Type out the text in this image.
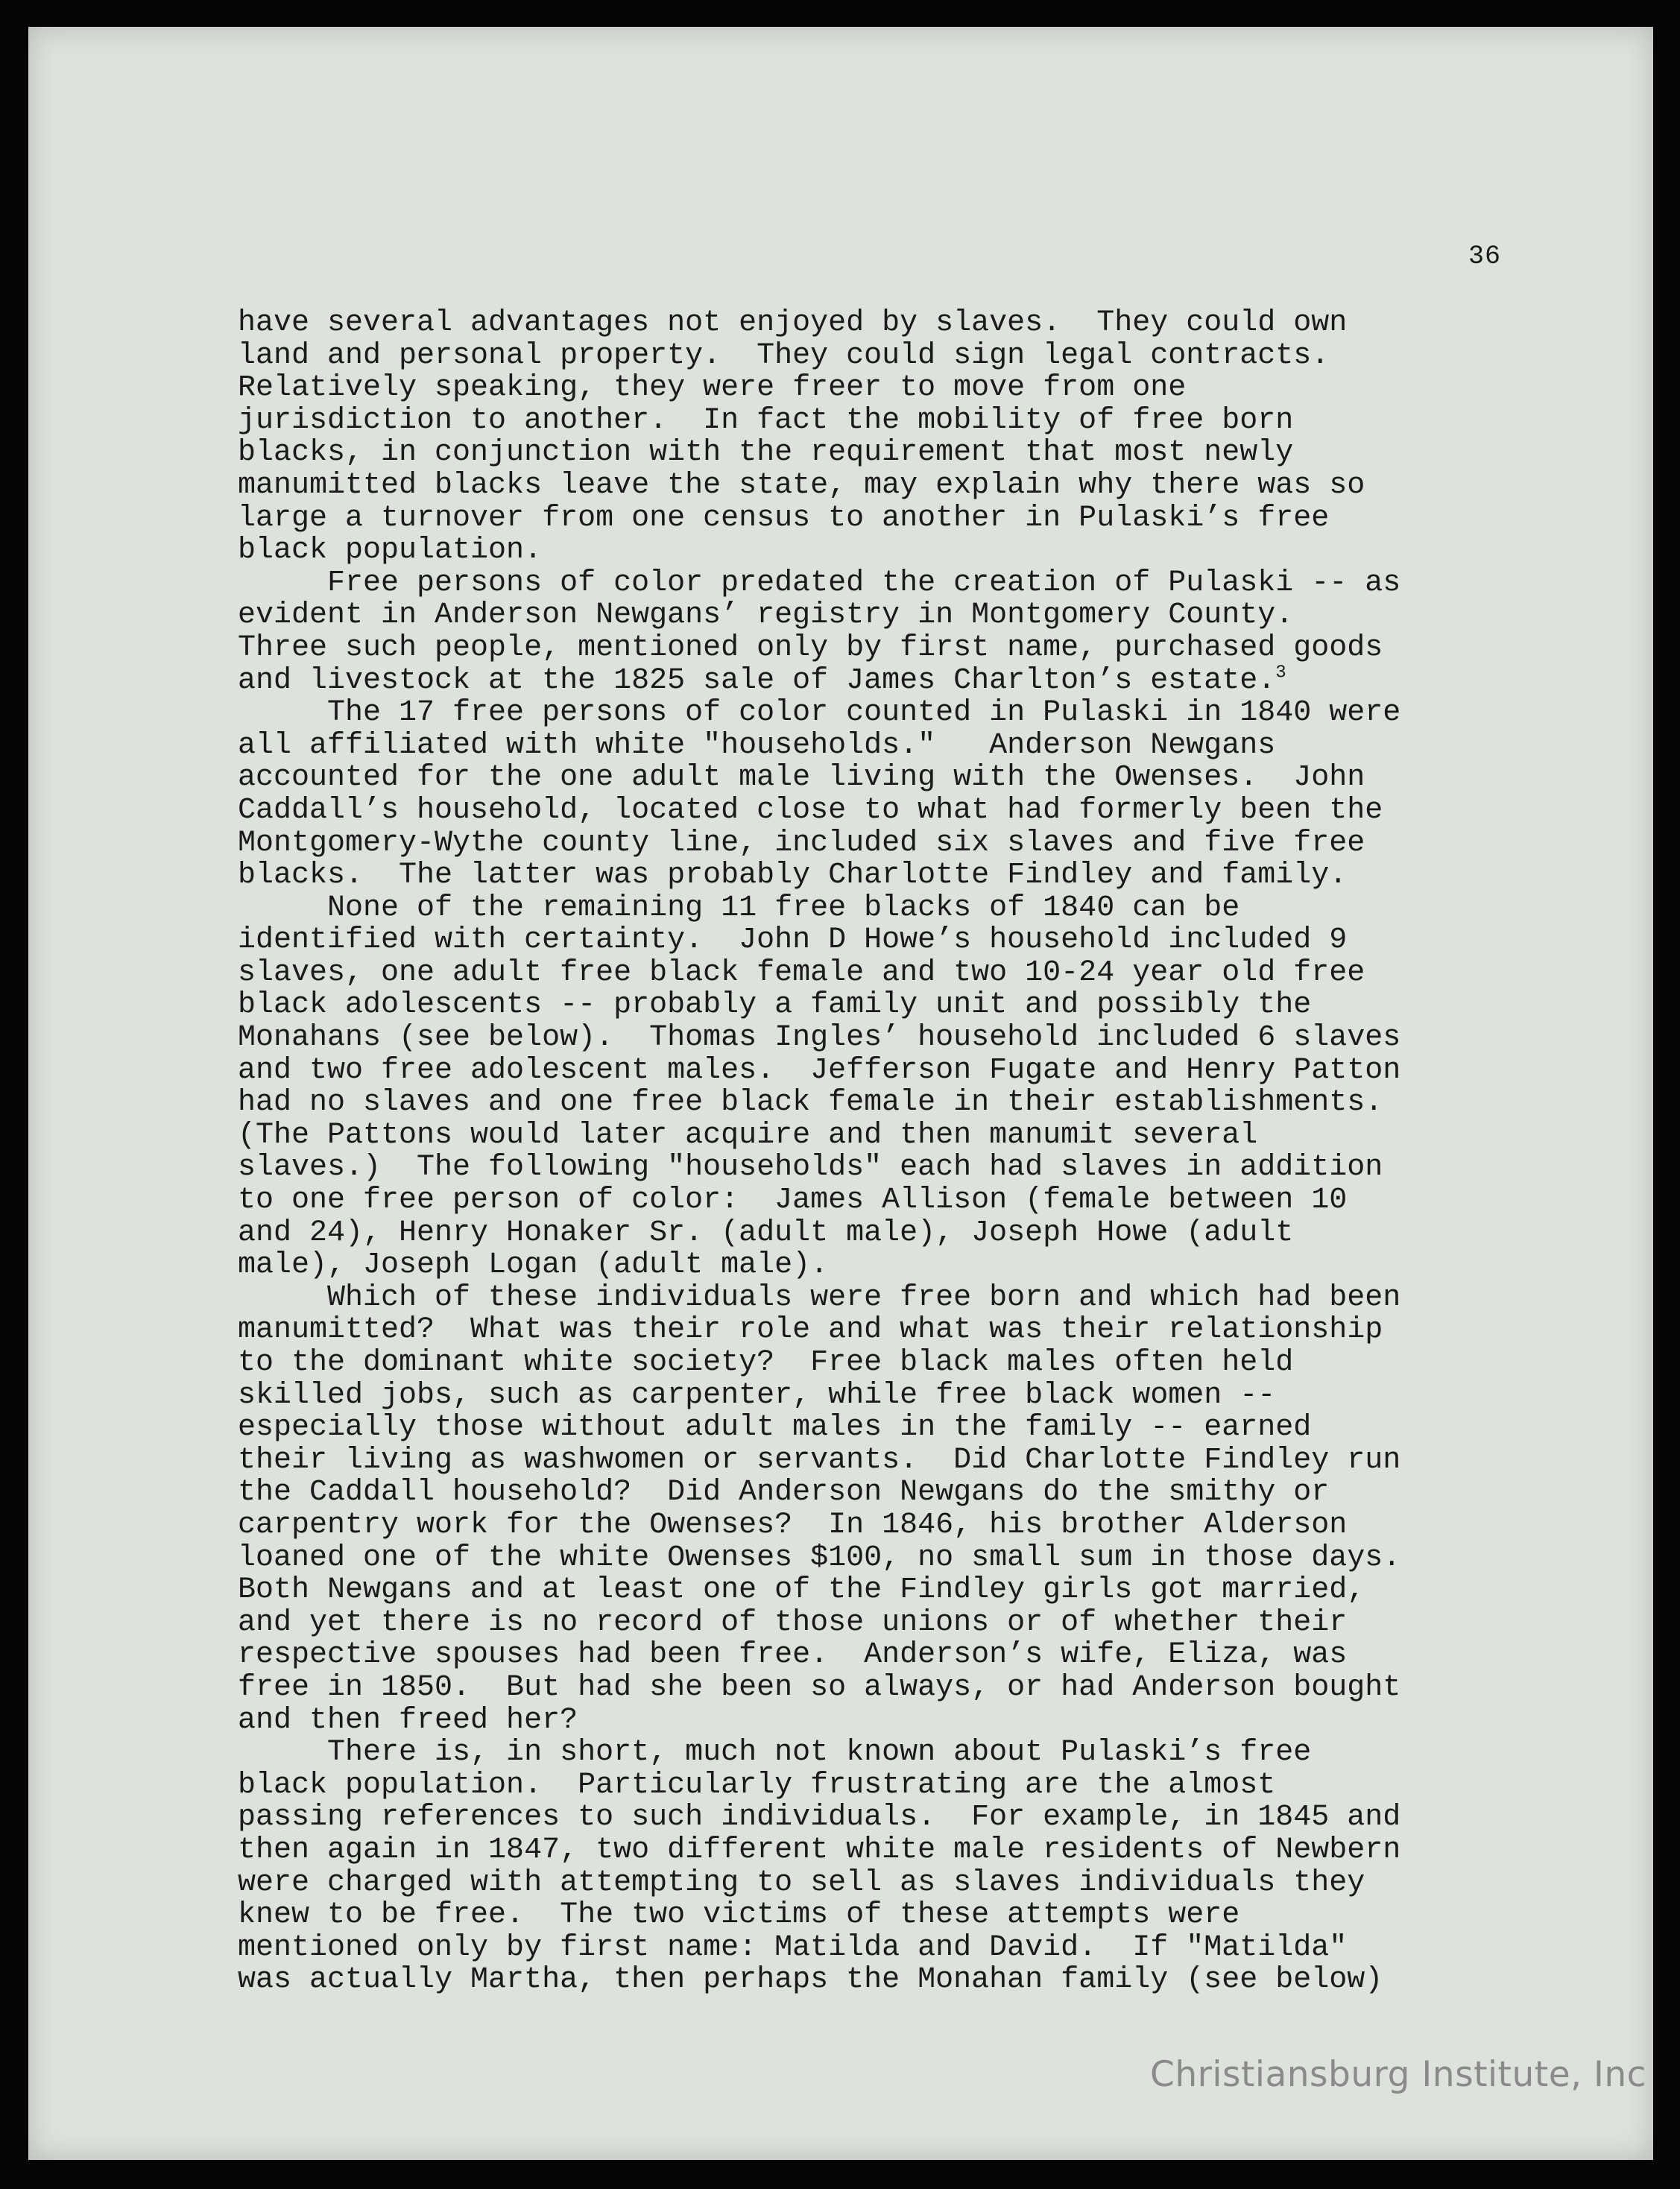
36
have several advantages not enjoyed by slaves.  They could own
land and personal property.  They could sign legal contracts.
Relatively speaking, they were freer to move from one
jurisdiction to another.  In fact the mobility of free born
blacks, in conjunction with the requirement that most newly
manumitted blacks leave the state, may explain why there was so
large a turnover from one census to another in Pulaski’s free
black population.
Free persons of color predated the creation of Pulaski -- as
evident in Anderson Newgans’ registry in Montgomery County.
Three such people, mentioned only by first name, purchased goods
and livestock at the 1825 sale of James Charlton’s estate.$^3$
The 17 free persons of color counted in Pulaski in 1840 were
all affiliated with white "households."   Anderson Newgans
accounted for the one adult male living with the Owenses.  John
Caddall’s household, located close to what had formerly been the
Montgomery-Wythe county line, included six slaves and five free
blacks.  The latter was probably Charlotte Findley and family.
None of the remaining 11 free blacks of 1840 can be
identified with certainty.  John D Howe’s household included 9
slaves, one adult free black female and two 10-24 year old free
black adolescents -- probably a family unit and possibly the
Monahans (see below).  Thomas Ingles’ household included 6 slaves
and two free adolescent males.  Jefferson Fugate and Henry Patton
had no slaves and one free black female in their establishments.
(The Pattons would later acquire and then manumit several
slaves.)  The following "households" each had slaves in addition
to one free person of color:  James Allison (female between 10
and 24), Henry Honaker Sr. (adult male), Joseph Howe (adult
male), Joseph Logan (adult male).
Which of these individuals were free born and which had been
manumitted?  What was their role and what was their relationship
to the dominant white society?  Free black males often held
skilled jobs, such as carpenter, while free black women --
especially those without adult males in the family -- earned
their living as washwomen or servants.  Did Charlotte Findley run
the Caddall household?  Did Anderson Newgans do the smithy or
carpentry work for the Owenses?  In 1846, his brother Alderson
loaned one of the white Owenses $100, no small sum in those days.
Both Newgans and at least one of the Findley girls got married,
and yet there is no record of those unions or of whether their
respective spouses had been free.  Anderson’s wife, Eliza, was
free in 1850.  But had she been so always, or had Anderson bought
and then freed her?
There is, in short, much not known about Pulaski’s free
black population.  Particularly frustrating are the almost
passing references to such individuals.  For example, in 1845 and
then again in 1847, two different white male residents of Newbern
were charged with attempting to sell as slaves individuals they
knew to be free.  The two victims of these attempts were
mentioned only by first name: Matilda and David.  If "Matilda"
was actually Martha, then perhaps the Monahan family (see below)
Christiansburg Institute, Inc
